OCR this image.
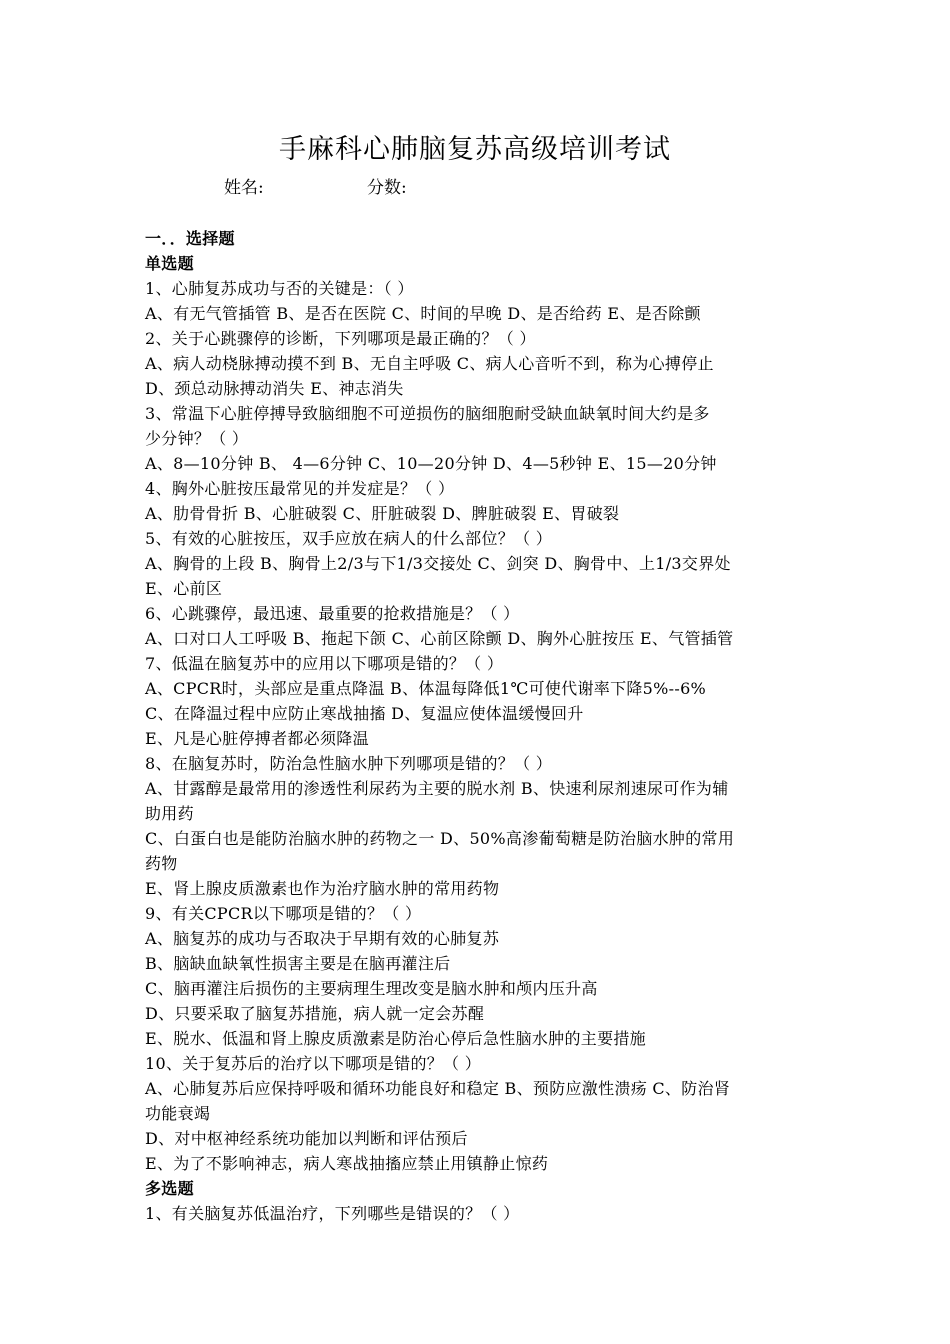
手麻科心肺脑复苏高级培训考试
姓名:	分数:
一．．选择题
单选题
1、心肺复苏成功与否的关键是：（ ）
A、有无气管插管 B、是否在医院 C、时间的早晚 D、是否给药 E、是否除颤
2、关于心跳骤停的诊断，下列哪项是最正确的？（ ）
A、病人动桡脉搏动摸不到 B、无自主呼吸 C、病人心音听不到，称为心搏停止
D、颈总动脉搏动消失 E、神志消失
3、常温下心脏停搏导致脑细胞不可逆损伤的脑细胞耐受缺血缺氧时间大约是多
少分钟？（ ）
A、8—10分钟 B、 4—6分钟 C、10—20分钟 D、4—5秒钟 E、15—20分钟
4、胸外心脏按压最常见的并发症是？（ ）
A、肋骨骨折 B、心脏破裂 C、肝脏破裂 D、脾脏破裂 E、胃破裂
5、有效的心脏按压，双手应放在病人的什么部位？（ ）
A、胸骨的上段 B、胸骨上2/3与下1/3交接处 C、剑突 D、胸骨中、上1/3交界处
E、心前区
6、心跳骤停，最迅速、最重要的抢救措施是？（ ）
A、口对口人工呼吸 B、拖起下颌 C、心前区除颤 D、胸外心脏按压 E、气管插管
7、低温在脑复苏中的应用以下哪项是错的？（ ）
A、CPCR时，头部应是重点降温 B、体温每降低1℃可使代谢率下降5%--6%
C、在降温过程中应防止寒战抽搐 D、复温应使体温缓慢回升
E、凡是心脏停搏者都必须降温
8、在脑复苏时，防治急性脑水肿下列哪项是错的？（ ）
A、甘露醇是最常用的渗透性利尿药为主要的脱水剂 B、快速利尿剂速尿可作为辅
助用药
C、白蛋白也是能防治脑水肿的药物之一 D、50%高渗葡萄糖是防治脑水肿的常用
药物
E、肾上腺皮质激素也作为治疗脑水肿的常用药物
9、有关CPCR以下哪项是错的？（ ）
A、脑复苏的成功与否取决于早期有效的心肺复苏
B、脑缺血缺氧性损害主要是在脑再灌注后
C、脑再灌注后损伤的主要病理生理改变是脑水肿和颅内压升高
D、只要采取了脑复苏措施，病人就一定会苏醒
E、脱水、低温和肾上腺皮质激素是防治心停后急性脑水肿的主要措施
10、关于复苏后的治疗以下哪项是错的？（ ）
A、心肺复苏后应保持呼吸和循环功能良好和稳定 B、预防应激性溃疡 C、防治肾
功能衰竭
D、对中枢神经系统功能加以判断和评估预后
E、为了不影响神志，病人寒战抽搐应禁止用镇静止惊药
多选题
1、有关脑复苏低温治疗，下列哪些是错误的？（ ）
